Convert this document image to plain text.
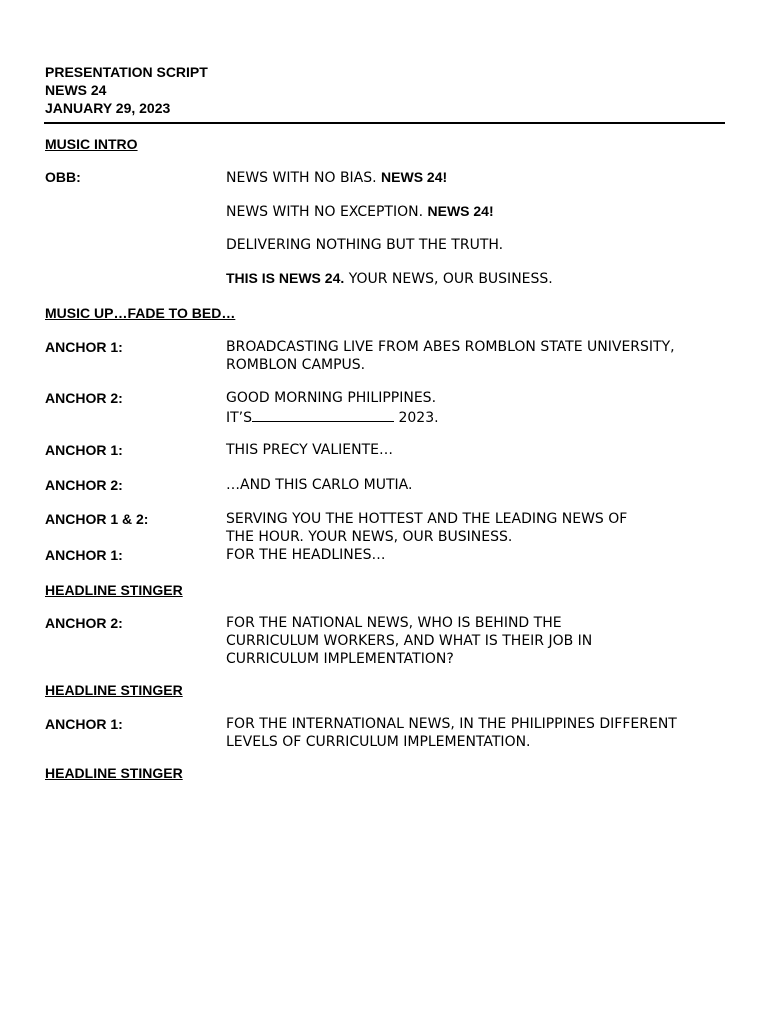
PRESENTATION SCRIPT
NEWS 24
JANUARY 29, 2023
MUSIC INTRO
OBB:	NEWS WITH NO BIAS. NEWS 24!
NEWS WITH NO EXCEPTION. NEWS 24!
DELIVERING NOTHING BUT THE TRUTH.
THIS IS NEWS 24. YOUR NEWS, OUR BUSINESS.
MUSIC UP…FADE TO BED…
ANCHOR 1:	BROADCASTING LIVE FROM ABES ROMBLON STATE UNIVERSITY,
ROMBLON CAMPUS.
ANCHOR 2:	GOOD MORNING PHILIPPINES.
IT’S	2023.
ANCHOR 1:	THIS PRECY VALIENTE…
ANCHOR 2:	…AND THIS CARLO MUTIA.
ANCHOR 1 & 2:	SERVING YOU THE HOTTEST AND THE LEADING NEWS OF
THE HOUR. YOUR NEWS, OUR BUSINESS.
ANCHOR 1:	FOR THE HEADLINES…
HEADLINE STINGER
ANCHOR 2:	FOR THE NATIONAL NEWS, WHO IS BEHIND THE
CURRICULUM WORKERS, AND WHAT IS THEIR JOB IN
CURRICULUM IMPLEMENTATION?
HEADLINE STINGER
ANCHOR 1:	FOR THE INTERNATIONAL NEWS, IN THE PHILIPPINES DIFFERENT
LEVELS OF CURRICULUM IMPLEMENTATION.
HEADLINE STINGER
